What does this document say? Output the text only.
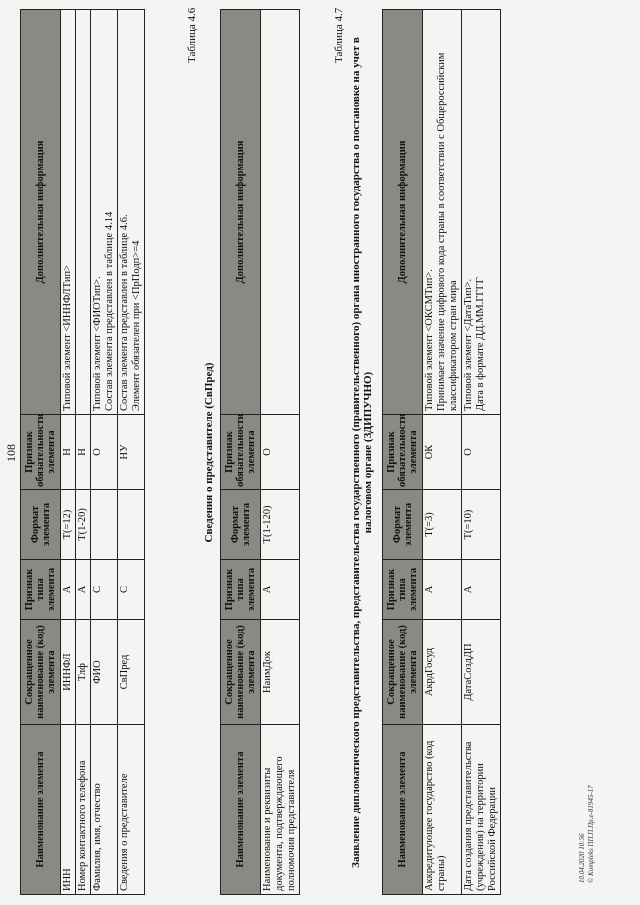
108
Наименование элемента	Сокращенное наименование (код) элемента	Признак типа элемента	Формат элемента	Признак обязательности элемента	Дополнительная информация
ИНН	ИННФЛ	А	T(=12)	Н	Типовой элемент <ИННФЛТип>
Номер контактного телефона	Тлф	А	T(1-20)	Н	
Фамилия, имя, отчество	ФИО	С		О	Типовой элемент <ФИОТип>.
Состав элемента представлен в таблице 4.14
Сведения о представителе	СвПред	С		НУ	Состав элемента представлен в таблице 4.6.
Элемент обязателен при <ПрПодп>=4
Таблица 4.6
Сведения о представителе (СвПред)
Наименование элемента	Сокращенное наименование (код) элемента	Признак типа элемента	Формат элемента	Признак обязательности элемента	Дополнительная информация
Наименование и реквизиты документа, подтверждающего полномочия представителя	НаимДок	А	T(1-120)	О	
Таблица 4.7
Заявление дипломатического представительства, представительства государственного (правительственного) органа иностранного государства о постановке на учет в налоговом органе (ЗДИПУЧНО)
Наименование элемента	Сокращенное наименование (код) элемента	Признак типа элемента	Формат элемента	Признак обязательности элемента	Дополнительная информация
Аккредитующее государство (код страны)	АкрдГосуд	А	T(=3)	ОК	Типовой элемент <ОКСМТип>.
Принимает значение цифрового кода страны в соответствии с Общероссийским классификатором стран мира
Дата создания представительства (учреждения) на территории Российской Федерации	ДатаСоздДП	А	T(=10)	О	Типовой элемент <ДатаТип>.
Дата в формате ДД.ММ.ГГГГ
10.04.2020 10:56 © Kompleks ПП.П.Пр.е-81945-17
